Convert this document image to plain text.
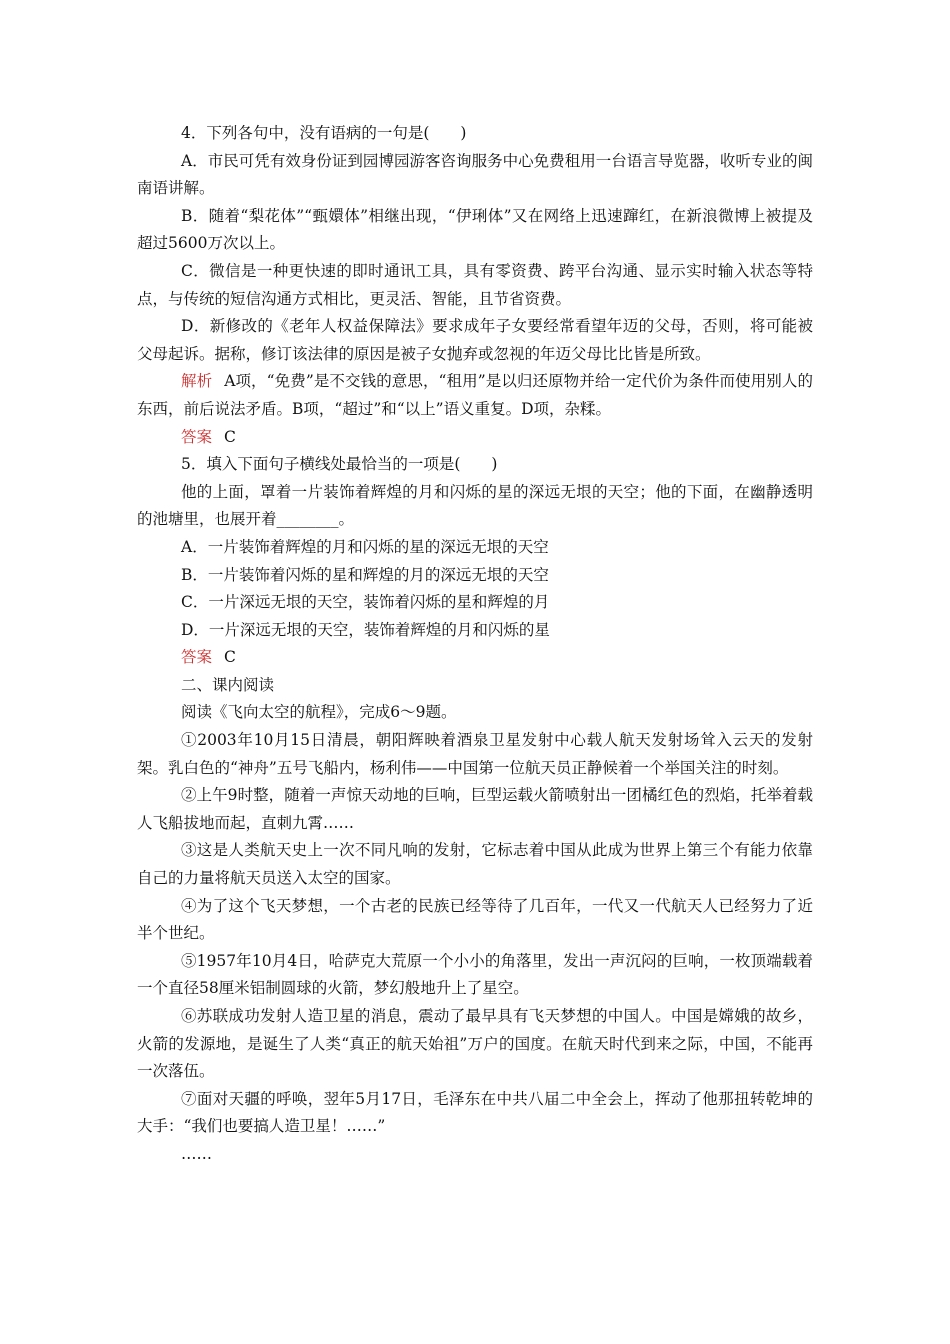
4．下列各句中，没有语病的一句是(　　)

A．市民可凭有效身份证到园博园游客咨询服务中心免费租用一台语言导览器，收听专业的闽南语讲解。

B．随着“梨花体”“甄嬛体”相继出现，“伊琍体”又在网络上迅速蹿红，在新浪微博上被提及超过5600万次以上。

C．微信是一种更快速的即时通讯工具，具有零资费、跨平台沟通、显示实时输入状态等特点，与传统的短信沟通方式相比，更灵活、智能，且节省资费。

D．新修改的《老年人权益保障法》要求成年子女要经常看望年迈的父母，否则，将可能被父母起诉。据称，修订该法律的原因是被子女抛弃或忽视的年迈父母比比皆是所致。

解析 A项，“免费”是不交钱的意思，“租用”是以归还原物并给一定代价为条件而使用别人的东西，前后说法矛盾。B项，“超过”和“以上”语义重复。D项，杂糅。

答案 C

5．填入下面句子横线处最恰当的一项是(　　)

他的上面，罩着一片装饰着辉煌的月和闪烁的星的深远无垠的天空；他的下面，在幽静透明的池塘里，也展开着________。

A．一片装饰着辉煌的月和闪烁的星的深远无垠的天空

B．一片装饰着闪烁的星和辉煌的月的深远无垠的天空

C．一片深远无垠的天空，装饰着闪烁的星和辉煌的月

D．一片深远无垠的天空，装饰着辉煌的月和闪烁的星

答案 C

二、课内阅读

阅读《飞向太空的航程》，完成6～9题。

①2003年10月15日清晨，朝阳辉映着酒泉卫星发射中心载人航天发射场耸入云天的发射架。乳白色的“神舟”五号飞船内，杨利伟——中国第一位航天员正静候着一个举国关注的时刻。

②上午9时整，随着一声惊天动地的巨响，巨型运载火箭喷射出一团橘红色的烈焰，托举着载人飞船拔地而起，直刺九霄……

③这是人类航天史上一次不同凡响的发射，它标志着中国从此成为世界上第三个有能力依靠自己的力量将航天员送入太空的国家。

④为了这个飞天梦想，一个古老的民族已经等待了几百年，一代又一代航天人已经努力了近半个世纪。

⑤1957年10月4日，哈萨克大荒原一个小小的角落里，发出一声沉闷的巨响，一枚顶端载着一个直径58厘米铝制圆球的火箭，梦幻般地升上了星空。

⑥苏联成功发射人造卫星的消息，震动了最早具有飞天梦想的中国人。中国是嫦娥的故乡，火箭的发源地，是诞生了人类“真正的航天始祖”万户的国度。在航天时代到来之际，中国，不能再一次落伍。

⑦面对天疆的呼唤，翌年5月17日，毛泽东在中共八届二中全会上，挥动了他那扭转乾坤的大手：“我们也要搞人造卫星！……”

……
